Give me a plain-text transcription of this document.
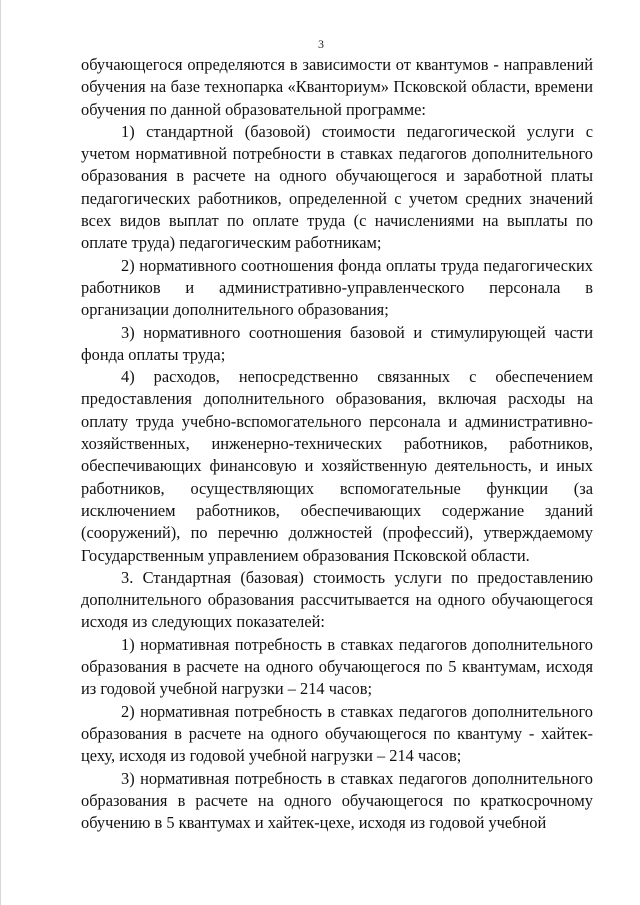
3

обучающегося определяются в зависимости от квантумов - направлений обучения на базе технопарка «Кванториум» Псковской области, времени обучения по данной образовательной программе:

1) стандартной (базовой) стоимости педагогической услуги с учетом нормативной потребности в ставках педагогов дополнительного образования в расчете на одного обучающегося и заработной платы педагогических работников, определенной с учетом средних значений всех видов выплат по оплате труда (с начислениями на выплаты по оплате труда) педагогическим работникам;

2) нормативного соотношения фонда оплаты труда педагогических работников и административно-управленческого персонала в организации дополнительного образования;

3) нормативного соотношения базовой и стимулирующей части фонда оплаты труда;

4) расходов, непосредственно связанных с обеспечением предоставления дополнительного образования, включая расходы на оплату труда учебно-вспомогательного персонала и административно-хозяйственных, инженерно-технических работников, работников, обеспечивающих финансовую и хозяйственную деятельность, и иных работников, осуществляющих вспомогательные функции (за исключением работников, обеспечивающих содержание зданий (сооружений), по перечню должностей (профессий), утверждаемому Государственным управлением образования Псковской области.

3. Стандартная (базовая) стоимость услуги по предоставлению дополнительного образования рассчитывается на одного обучающегося исходя из следующих показателей:

1) нормативная потребность в ставках педагогов дополнительного образования в расчете на одного обучающегося по 5 квантумам, исходя из годовой учебной нагрузки – 214 часов;

2) нормативная потребность в ставках педагогов дополнительного образования в расчете на одного обучающегося по квантуму - хайтек-цеху, исходя из годовой учебной нагрузки – 214 часов;

3) нормативная потребность в ставках педагогов дополнительного образования в расчете на одного обучающегося по краткосрочному обучению в 5 квантумах и хайтек-цехе, исходя из годовой учебной
